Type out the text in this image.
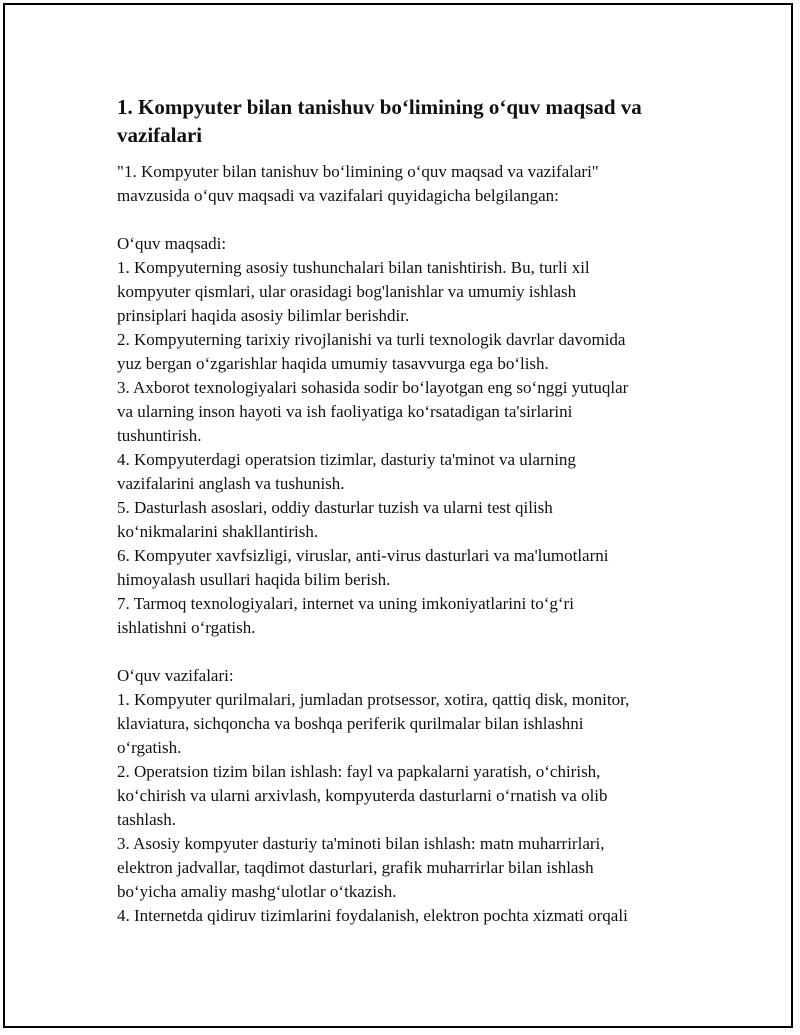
1. Kompyuter bilan tanishuv bo‘limining o‘quv maqsad va
vazifalari
"1. Kompyuter bilan tanishuv bo‘limining o‘quv maqsad va vazifalari"
mavzusida o‘quv maqsadi va vazifalari quyidagicha belgilangan:
O‘quv maqsadi:
1. Kompyuterning asosiy tushunchalari bilan tanishtirish. Bu, turli xil
kompyuter qismlari, ular orasidagi bog'lanishlar va umumiy ishlash
prinsiplari haqida asosiy bilimlar berishdir.
2. Kompyuterning tarixiy rivojlanishi va turli texnologik davrlar davomida
yuz bergan o‘zgarishlar haqida umumiy tasavvurga ega bo‘lish.
3. Axborot texnologiyalari sohasida sodir bo‘layotgan eng so‘nggi yutuqlar
va ularning inson hayoti va ish faoliyatiga ko‘rsatadigan ta'sirlarini
tushuntirish.
4. Kompyuterdagi operatsion tizimlar, dasturiy ta'minot va ularning
vazifalarini anglash va tushunish.
5. Dasturlash asoslari, oddiy dasturlar tuzish va ularni test qilish
ko‘nikmalarini shakllantirish.
6. Kompyuter xavfsizligi, viruslar, anti-virus dasturlari va ma'lumotlarni
himoyalash usullari haqida bilim berish.
7. Tarmoq texnologiyalari, internet va uning imkoniyatlarini to‘g‘ri
ishlatishni o‘rgatish.
O‘quv vazifalari:
1. Kompyuter qurilmalari, jumladan protsessor, xotira, qattiq disk, monitor,
klaviatura, sichqoncha va boshqa periferik qurilmalar bilan ishlashni
o‘rgatish.
2. Operatsion tizim bilan ishlash: fayl va papkalarni yaratish, o‘chirish,
ko‘chirish va ularni arxivlash, kompyuterda dasturlarni o‘rnatish va olib
tashlash.
3. Asosiy kompyuter dasturiy ta'minoti bilan ishlash: matn muharrirlari,
elektron jadvallar, taqdimot dasturlari, grafik muharrirlar bilan ishlash
bo‘yicha amaliy mashg‘ulotlar o‘tkazish.
4. Internetda qidiruv tizimlarini foydalanish, elektron pochta xizmati orqali
